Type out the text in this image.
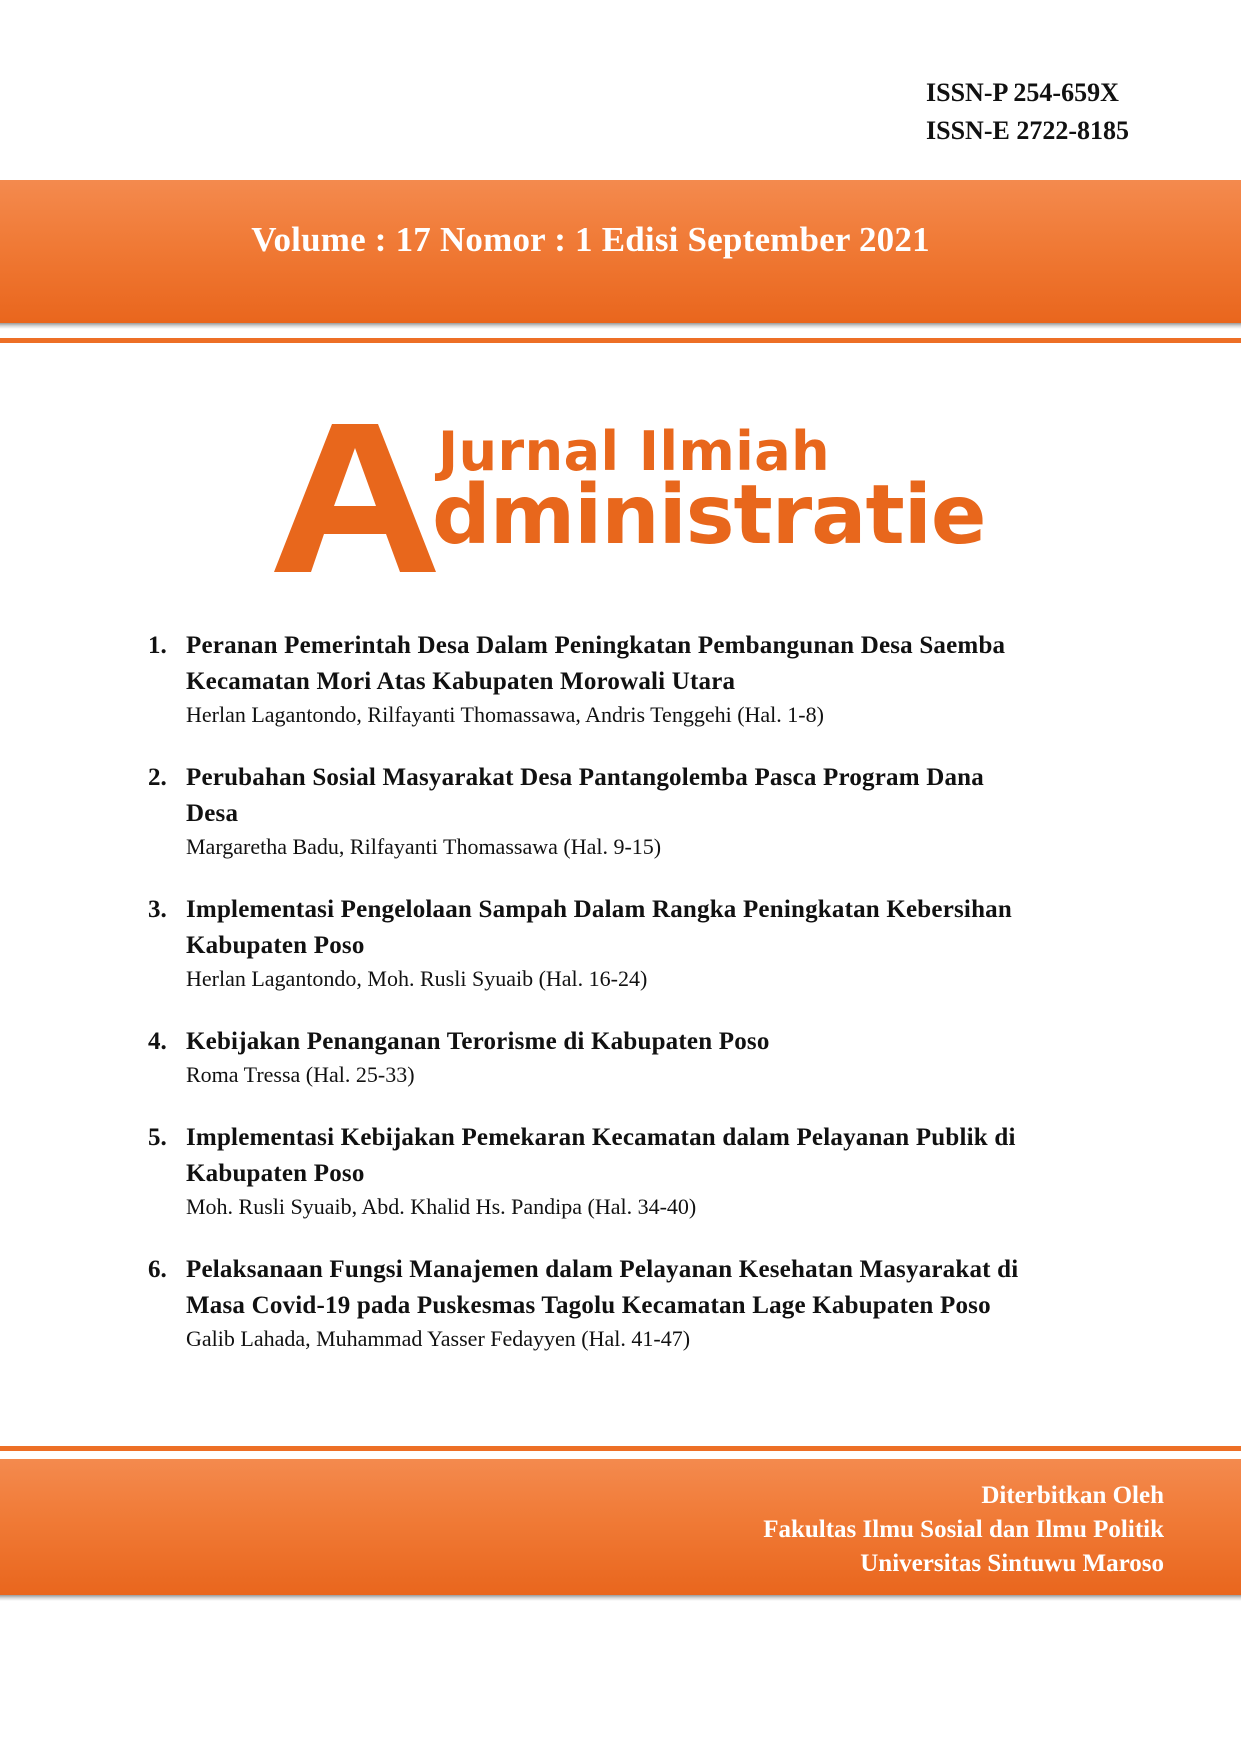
ISSN-P 254-659X
ISSN-E 2722-8185
Volume : 17 Nomor : 1 Edisi September 2021
Jurnal Ilmiah
dministratie
1. Peranan Pemerintah Desa Dalam Peningkatan Pembangunan Desa Saemba
Kecamatan Mori Atas Kabupaten Morowali Utara
Herlan Lagantondo, Rilfayanti Thomassawa, Andris Tenggehi (Hal. 1-8)
2. Perubahan Sosial Masyarakat Desa Pantangolemba Pasca Program Dana
Desa
Margaretha Badu, Rilfayanti Thomassawa (Hal. 9-15)
3. Implementasi Pengelolaan Sampah Dalam Rangka Peningkatan Kebersihan
Kabupaten Poso
Herlan Lagantondo, Moh. Rusli Syuaib (Hal. 16-24)
4. Kebijakan Penanganan Terorisme di Kabupaten Poso
Roma Tressa (Hal. 25-33)
5. Implementasi Kebijakan Pemekaran Kecamatan dalam Pelayanan Publik di
Kabupaten Poso
Moh. Rusli Syuaib, Abd. Khalid Hs. Pandipa (Hal. 34-40)
6. Pelaksanaan Fungsi Manajemen dalam Pelayanan Kesehatan Masyarakat di
Masa Covid-19 pada Puskesmas Tagolu Kecamatan Lage Kabupaten Poso
Galib Lahada, Muhammad Yasser Fedayyen (Hal. 41-47)
Diterbitkan Oleh
Fakultas Ilmu Sosial dan Ilmu Politik
Universitas Sintuwu Maroso
